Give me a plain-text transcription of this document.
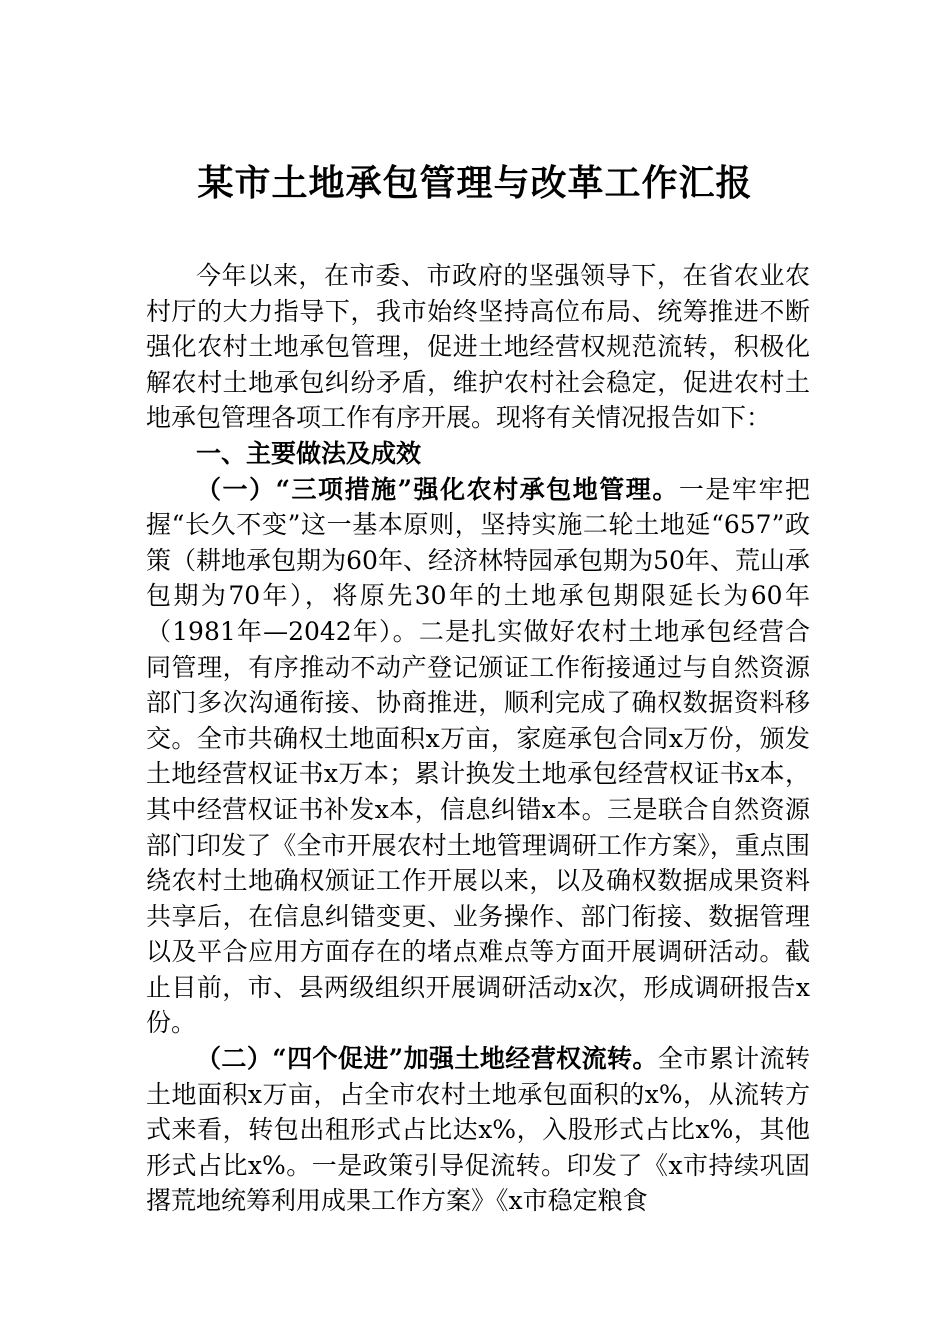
某市土地承包管理与改革工作汇报

今年以来，在市委、市政府的坚强领导下，在省农业农村厅的大力指导下，我市始终坚持高位布局、统筹推进不断强化农村土地承包管理，促进土地经营权规范流转，积极化解农村土地承包纠纷矛盾，维护农村社会稳定，促进农村土地承包管理各项工作有序开展。现将有关情况报告如下：

一、主要做法及成效

（一）“三项措施”强化农村承包地管理。一是牢牢把握“长久不变”这一基本原则，坚持实施二轮土地延“657”政策（耕地承包期为60年、经济林特园承包期为50年、荒山承包期为70年），将原先30年的土地承包期限延长为60年（1981年—2042年）。二是扎实做好农村土地承包经营合同管理，有序推动不动产登记颁证工作衔接通过与自然资源部门多次沟通衔接、协商推进，顺利完成了确权数据资料移交。全市共确权土地面积x万亩，家庭承包合同x万份，颁发土地经营权证书x万本；累计换发土地承包经营权证书x本，其中经营权证书补发x本，信息纠错x本。三是联合自然资源部门印发了《全市开展农村土地管理调研工作方案》，重点围绕农村土地确权颁证工作开展以来，以及确权数据成果资料共享后，在信息纠错变更、业务操作、部门衔接、数据管理以及平合应用方面存在的堵点难点等方面开展调研活动。截止目前，市、县两级组织开展调研活动x次，形成调研报告x份。

（二）“四个促进”加强土地经营权流转。全市累计流转土地面积x万亩，占全市农村土地承包面积的x%，从流转方式来看，转包出租形式占比达x%，入股形式占比x%，其他形式占比x%。一是政策引导促流转。印发了《x市持续巩固撂荒地统筹利用成果工作方案》《x市稳定粮食
